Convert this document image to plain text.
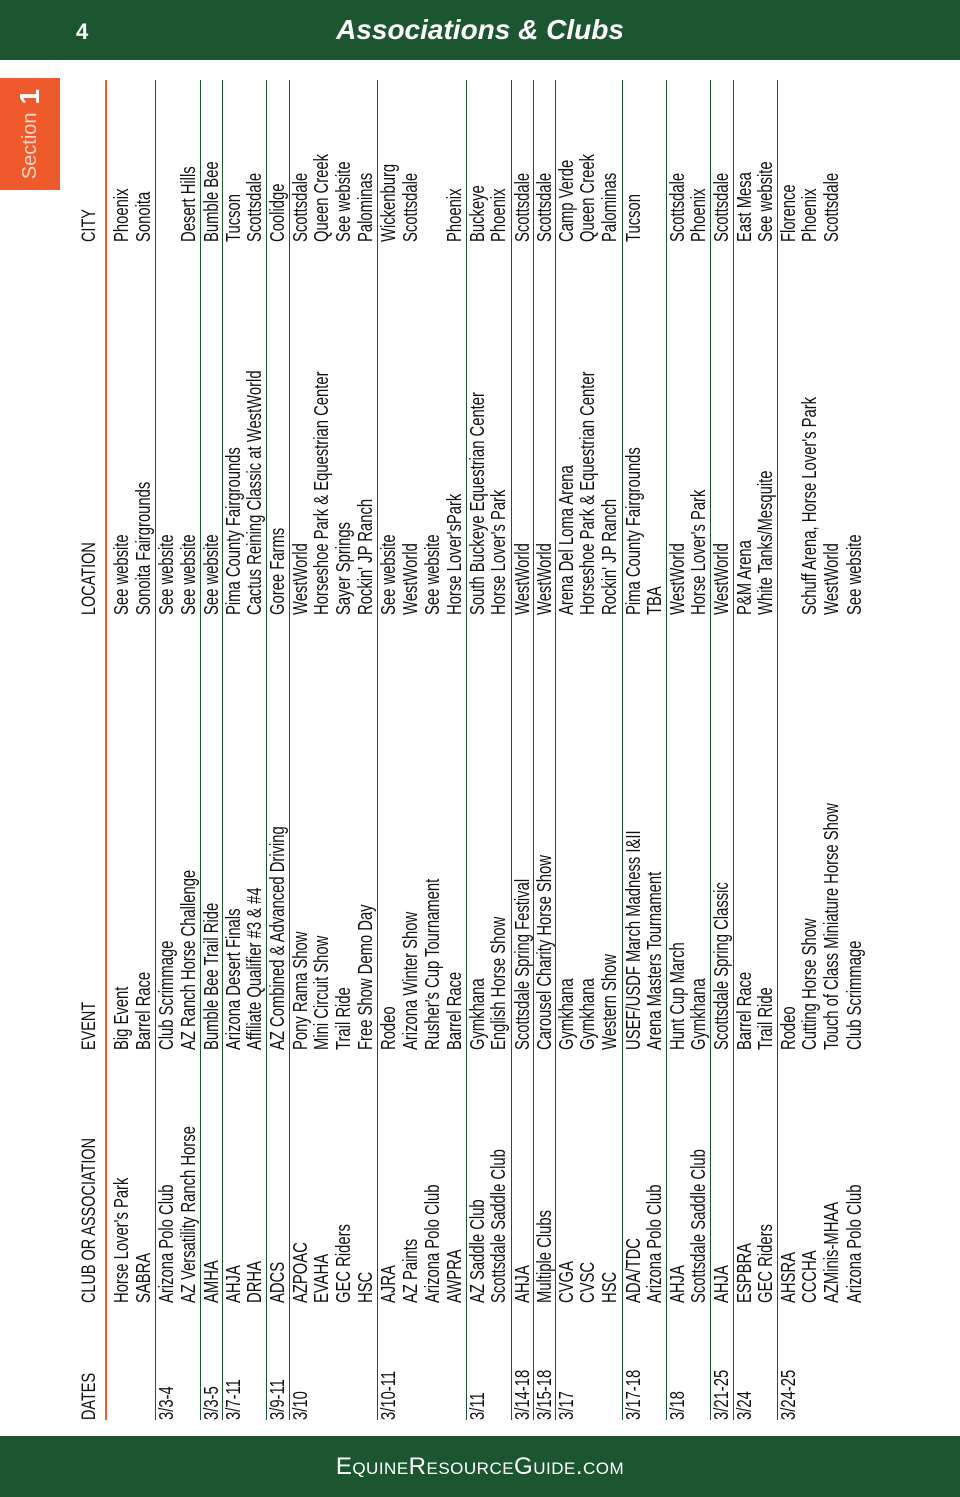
4	Associations & Clubs
Section
1
DATES
CLUB OR ASSOCIATION
EVENT
LOCATION
CITY
Horse Lover's Park
Big Event
See website
Phoenix
SABRA
Barrel Race
Sonoita Fairgrounds
Sonoita
3/3-4
Arizona Polo Club
Club Scrimmage
See website
AZ Versatility Ranch Horse
AZ Ranch Horse Challenge
See website
Desert Hills
3/3-5
AMHA
Bumble Bee Trail Ride
See website
Bumble Bee
3/7-11
AHJA
Arizona Desert Finals
Pima County Fairgrounds
Tucson
DRHA
Affiliate Qualifier #3 & #4
Cactus Reining Classic at WestWorld
Scottsdale
3/9-11
ADCS
AZ Combined & Advanced Driving
Goree Farms
Coolidge
3/10
AZPOAC
Pony Rama Show
WestWorld
Scottsdale
EVAHA
Mini Circuit Show
Horseshoe Park & Equestrian Center
Queen Creek
GEC Riders
Trail Ride
Sayer Springs
See website
HSC
Free Show Demo Day
Rockin' JP Ranch
Palominas
3/10-11
AJRA
Rodeo
See website
Wickenburg
AZ Paints
Arizona Winter Show
WestWorld
Scottsdale
Arizona Polo Club
Rusher's Cup Tournament
See website
AWPRA
Barrel Race
Horse Lover'sPark
Phoenix
3/11
AZ Saddle Club
Gymkhana
South Buckeye Equestrian Center
Buckeye
Scottsdale Saddle Club
English Horse Show
Horse Lover's Park
Phoenix
3/14-18
AHJA
Scottsdale Spring Festival
WestWorld
Scottsdale
3/15-18
Multiple Clubs
Carousel Charity Horse Show
WestWorld
Scottsdale
3/17
CVGA
Gymkhana
Arena Del Loma Arena
Camp Verde
CVSC
Gymkhana
Horseshoe Park & Equestrian Center
Queen Creek
HSC
Western Show
Rockin' JP Ranch
Palominas
3/17-18
ADA/TDC
USEF/USDF March Madness I&II
Pima County Fairgrounds
Tucson
Arizona Polo Club
Arena Masters Tournament
TBA
3/18
AHJA
Hunt Cup March
WestWorld
Scottsdale
Scottsdale Saddle Club
Gymkhana
Horse Lover's Park
Phoenix
3/21-25
AHJA
Scottsdale Spring Classic
WestWorld
Scottsdale
3/24
ESPBRA
Barrel Race
P&M Arena
East Mesa
GEC Riders
Trail Ride
White Tanks/Mesquite
See website
3/24-25
AHSRA
Rodeo
Florence
CCCHA
Cutting Horse Show
Schuff Arena, Horse Lover's Park
Phoenix
AZMinis-MHAA
Touch of Class Miniature Horse Show
WestWorld
Scottsdale
Arizona Polo Club
Club Scrimmage
See website
EquineResourceGuide.com
